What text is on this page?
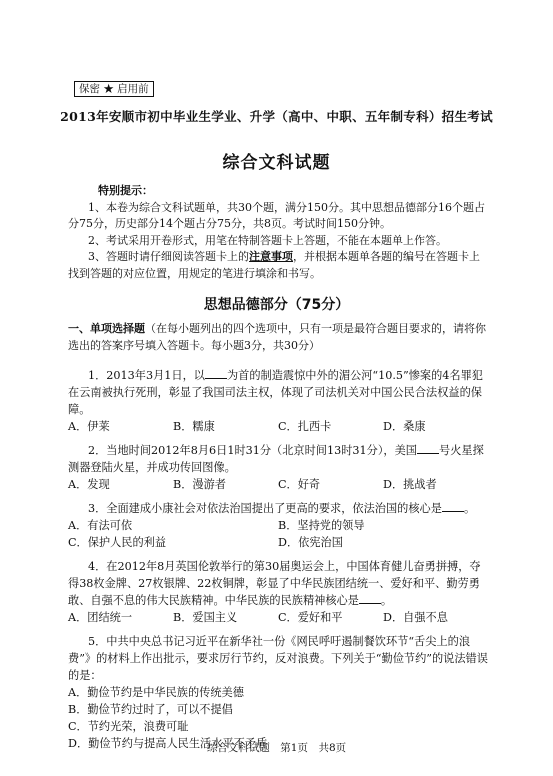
保密 ★ 启用前
2013年安顺市初中毕业生学业、升学（高中、中职、五年制专科）招生考试
综合文科试题
特别提示：

1、本卷为综合文科试题单，共30个题，满分150分。其中思想品德部分16个题占分75分，历史部分14个题占分75分，共8页。考试时间150分钟。

2、考试采用开卷形式，用笔在特制答题卡上答题，不能在本题单上作答。

3、答题时请仔细阅读答题卡上的注意事项，并根据本题单各题的编号在答题卡上找到答题的对应位置，用规定的笔进行填涂和书写。

思想品德部分（75分）
一、单项选择题（在每小题列出的四个选项中，只有一项是最符合题目要求的，请将你选出的答案序号填入答题卡。每小题3分，共30分）

1．2013年3月1日，以 为首的制造震惊中外的湄公河“10.5”惨案的4名罪犯在云南被执行死刑，彰显了我国司法主权，体现了司法机关对中国公民合法权益的保障。

A．伊莱	B．糯康	C．扎西卡	D．桑康

2．当地时间2012年8月6日1时31分（北京时间13时31分），美国 号火星探测器登陆火星，并成功传回图像。

A．发现	B．漫游者	C．好奇	D．挑战者

3．全面建成小康社会对依法治国提出了更高的要求，依法治国的核心是 。

A．有法可依	B．坚持党的领导
C．保护人民的利益	D．依宪治国

4．在2012年8月英国伦敦举行的第30届奥运会上，中国体育健儿奋勇拼搏，夺得38枚金牌、27枚银牌、22枚铜牌，彰显了中华民族团结统一、爱好和平、勤劳勇敢、自强不息的伟大民族精神。中华民族的民族精神核心是 。

A．团结统一	B．爱国主义	C．爱好和平	D．自强不息

5．中共中央总书记习近平在新华社一份《网民呼吁遏制餐饮环节“舌尖上的浪费”》的材料上作出批示，要求厉行节约，反对浪费。下列关于“勤俭节约”的说法错误的是：

A．勤俭节约是中华民族的传统美德
B．勤俭节约过时了，可以不提倡
C．节约光荣，浪费可耻
D．勤俭节约与提高人民生活水平不矛盾
综合文科试题　第1页　共8页
